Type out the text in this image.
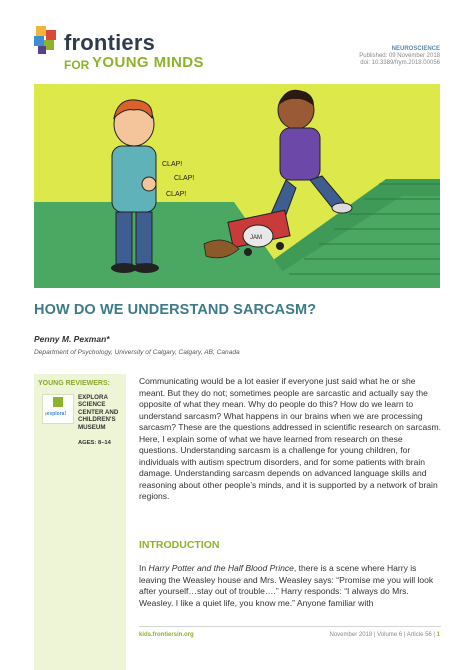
frontiers
FOR YOUNG MINDS
NEUROSCIENCE
Published: 09 November 2018
doi: 10.3389/frym.2018.00056
CLAP!
CLAP!
CLAP!
JAM
HOW DO WE UNDERSTAND SARCASM?
Penny M. Pexman*
Department of Psychology, University of Calgary, Calgary, AB, Canada
YOUNG REVIEWERS:
¡explora!
EXPLORA SCIENCE CENTER AND CHILDREN'S MUSEUM
AGES: 8–14

Communicating would be a lot easier if everyone just said what he or she meant. But they do not; sometimes people are sarcastic and actually say the opposite of what they mean. Why do people do this? How do we learn to understand sarcasm? What happens in our brains when we are processing sarcasm? These are the questions addressed in scientific research on sarcasm. Here, I explain some of what we have learned from research on these questions. Understanding sarcasm is a challenge for young children, for individuals with autism spectrum disorders, and for some patients with brain damage. Understanding sarcasm depends on advanced language skills and reasoning about other people’s minds, and it is supported by a network of brain regions.

INTRODUCTION

In Harry Potter and the Half Blood Prince, there is a scene where Harry is leaving the Weasley house and Mrs. Weasley says: “Promise me you will look after yourself…stay out of trouble….” Harry responds: “I always do Mrs. Weasley. I like a quiet life, you know me.” Anyone familiar with

kids.frontiersin.org	November 2018 | Volume 6 | Article 56 | 1
